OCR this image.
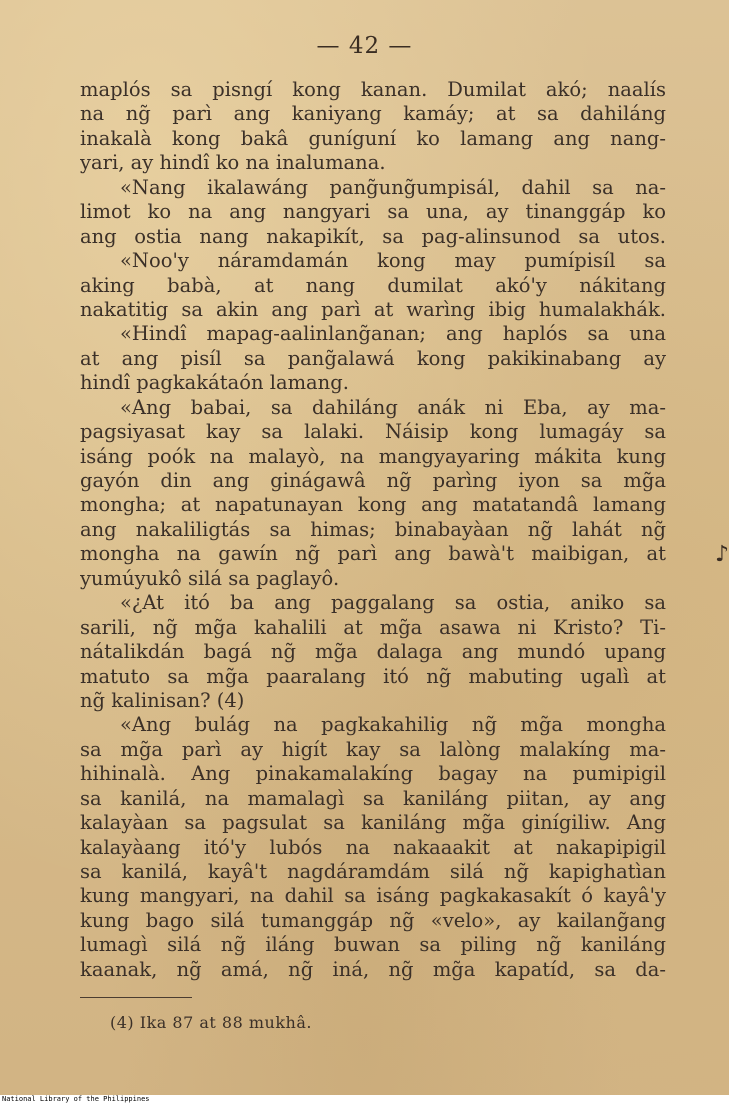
— 42 —
maplós sa pisngí kong kanan. Dumilat akó; naalís
na ng̃ parì ang kaniyang kamáy; at sa dahiláng
inakalà kong bakâ guníguní ko lamang ang nang-
yari, ay hindî ko na inalumana.
«Nang ikalawáng pang̃ung̃umpisál, dahil sa na-
limot ko na ang nangyari sa una, ay tinanggáp ko
ang ostia nang nakapikít, sa pag-alinsunod sa utos.
«Noo'y náramdamán kong may pumípisíl sa
aking babà, at nang dumilat akó'y nákitang
nakatitig sa akin ang parì at warìng ibig humalakhák.
«Hindî mapag-aalinlang̃anan; ang haplós sa una
at ang pisíl sa pang̃alawá kong pakikinabang ay
hindî pagkakátaón lamang.
«Ang babai, sa dahiláng anák ni Eba, ay ma-
pagsiyasat kay sa lalaki. Náisip kong lumagáy sa
isáng poók na malayò, na mangyayaring mákita kung
gayón din ang ginágawâ ng̃ parìng iyon sa mg̃a
mongha; at napatunayan kong ang matatandâ lamang
ang nakaliligtás sa himas; binabayàan ng̃ lahát ng̃
mongha na gawín ng̃ parì ang bawà't maibigan, at
yumúyukô silá sa paglayô.
«¿At itó ba ang paggalang sa ostia, aniko sa
sarili, ng̃ mg̃a kahalili at mg̃a asawa ni Kristo? Ti-
nátalikdán bagá ng̃ mg̃a dalaga ang mundó upang
matuto sa mg̃a paaralang itó ng̃ mabuting ugalì at
ng̃ kalinisan? (4)
«Ang bulág na pagkakahilig ng̃ mg̃a mongha
sa mg̃a parì ay higít kay sa lalòng malakíng ma-
hihinalà. Ang pinakamalakíng bagay na pumipigil
sa kanilá, na mamalagì sa kaniláng piitan, ay ang
kalayàan sa pagsulat sa kaniláng mg̃a ginígiliw. Ang
kalayàang itó'y lubós na nakaaakit at nakapipigil
sa kanilá, kayâ't nagdáramdám silá ng̃ kapighatìan
kung mangyari, na dahil sa isáng pagkakasakít ó kayâ'y
kung bago silá tumanggáp ng̃ «velo», ay kailang̃ang
lumagì silá ng̃ iláng buwan sa piling ng̃ kaniláng
kaanak, ng̃ amá, ng̃ iná, ng̃ mg̃a kapatíd, sa da-
♪
(4) Ika 87 at 88 mukhâ.
National Library of the Philippines
